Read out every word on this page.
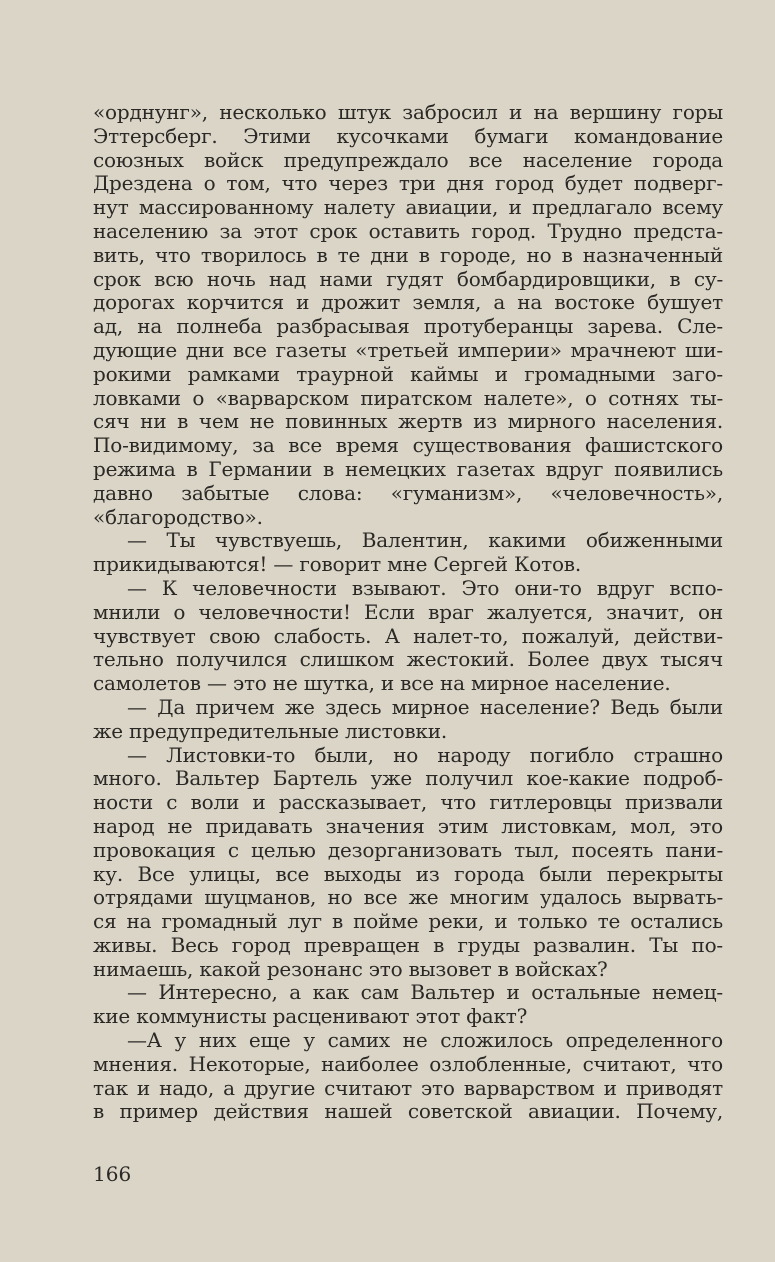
«орднунг», несколько штук забросил и на вершину горы
Эттерсберг. Этими кусочками бумаги командование
союзных войск предупреждало все население города
Дрездена о том, что через три дня город будет подверг-
нут массированному налету авиации, и предлагало всему
населению за этот срок оставить город. Трудно предста-
вить, что творилось в те дни в городе, но в назначенный
срок всю ночь над нами гудят бомбардировщики, в су-
дорогах корчится и дрожит земля, а на востоке бушует
ад, на полнеба разбрасывая протуберанцы зарева. Сле-
дующие дни все газеты «третьей империи» мрачнеют ши-
рокими рамками траурной каймы и громадными заго-
ловками о «варварском пиратском налете», о сотнях ты-
сяч ни в чем не повинных жертв из мирного населения.
По-видимому, за все время существования фашистского
режима в Германии в немецких газетах вдруг появились
давно забытые слова: «гуманизм», «человечность»,
«благородство».
— Ты чувствуешь, Валентин, какими обиженными
прикидываются! — говорит мне Сергей Котов.
— К человечности взывают. Это они-то вдруг вспо-
мнили о человечности! Если враг жалуется, значит, он
чувствует свою слабость. А налет-то, пожалуй, действи-
тельно получился слишком жестокий. Более двух тысяч
самолетов — это не шутка, и все на мирное население.
— Да причем же здесь мирное население? Ведь были
же предупредительные листовки.
— Листовки-то были, но народу погибло страшно
много. Вальтер Бартель уже получил кое-какие подроб-
ности с воли и рассказывает, что гитлеровцы призвали
народ не придавать значения этим листовкам, мол, это
провокация с целью дезорганизовать тыл, посеять пани-
ку. Все улицы, все выходы из города были перекрыты
отрядами шуцманов, но все же многим удалось вырвать-
ся на громадный луг в пойме реки, и только те остались
живы. Весь город превращен в груды развалин. Ты по-
нимаешь, какой резонанс это вызовет в войсках?
— Интересно, а как сам Вальтер и остальные немец-
кие коммунисты расценивают этот факт?
—А у них еще у самих не сложилось определенного
мнения. Некоторые, наиболее озлобленные, считают, что
так и надо, а другие считают это варварством и приводят
в пример действия нашей советской авиации. Почему,
166
